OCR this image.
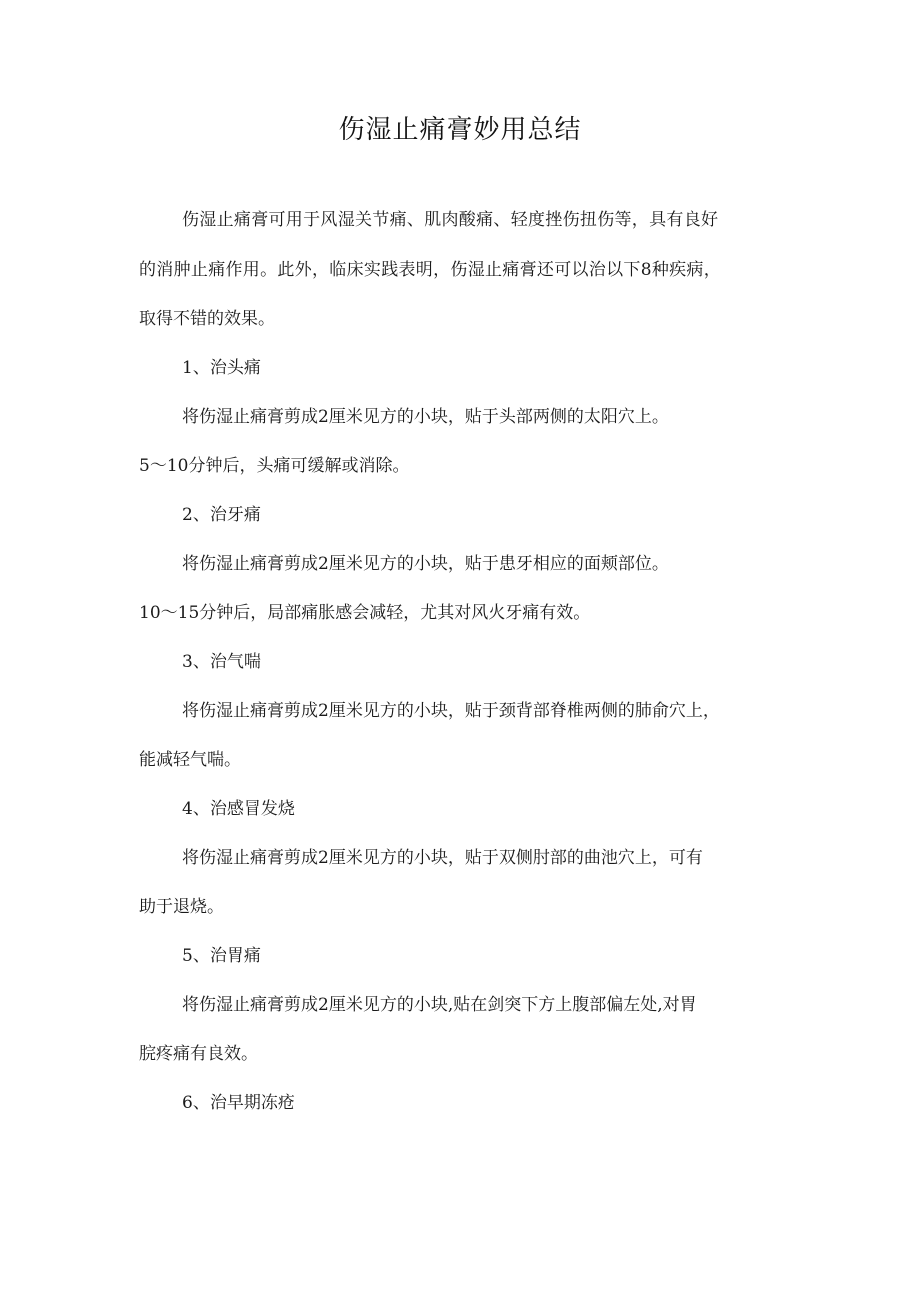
伤湿止痛膏妙用总结
伤湿止痛膏可用于风湿关节痛、肌肉酸痛、轻度挫伤扭伤等，具有良好
的消肿止痛作用。此外，临床实践表明，伤湿止痛膏还可以治以下8种疾病，
取得不错的效果。
1、治头痛
将伤湿止痛膏剪成2厘米见方的小块，贴于头部两侧的太阳穴上。
5～10分钟后，头痛可缓解或消除。
2、治牙痛
将伤湿止痛膏剪成2厘米见方的小块，贴于患牙相应的面颊部位。
10～15分钟后，局部痛胀感会减轻，尤其对风火牙痛有效。
3、治气喘
将伤湿止痛膏剪成2厘米见方的小块，贴于颈背部脊椎两侧的肺俞穴上，
能减轻气喘。
4、治感冒发烧
将伤湿止痛膏剪成2厘米见方的小块，贴于双侧肘部的曲池穴上，可有
助于退烧。
5、治胃痛
将伤湿止痛膏剪成2厘米见方的小块,贴在剑突下方上腹部偏左处,对胃
脘疼痛有良效。
6、治早期冻疮
